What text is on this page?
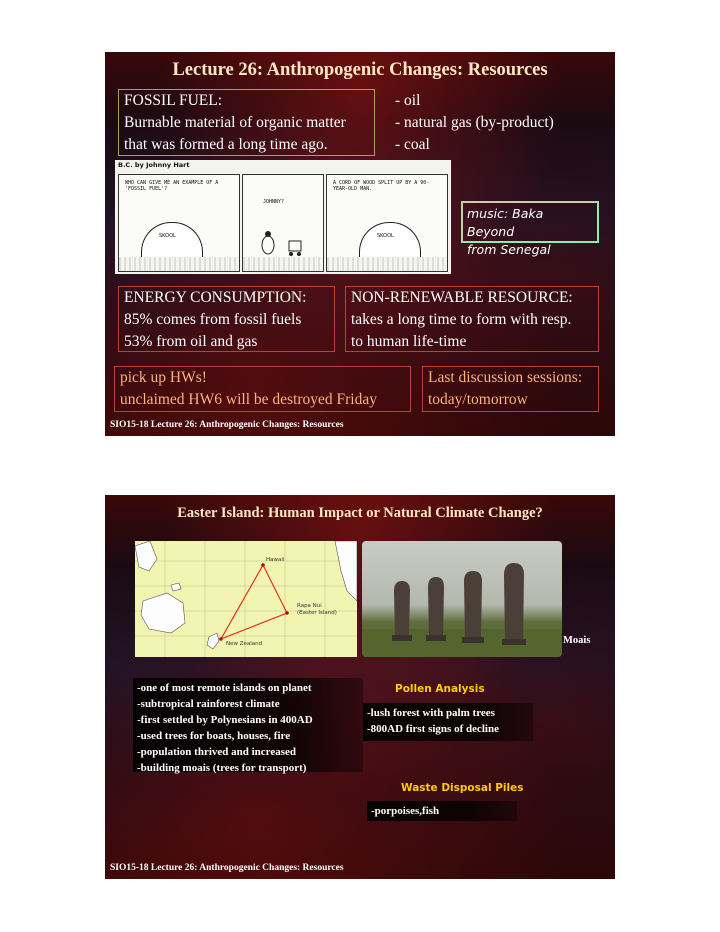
Lecture 26: Anthropogenic Changes: Resources
FOSSIL FUEL:
Burnable material of organic matter
that was formed a long time ago.
- oil
- natural gas (by-product)
- coal
B.C. by Johnny Hart
WHO CAN GIVE ME AN EXAMPLE OF A 'FOSSIL FUEL'?
SKOOL
JOHNNY?
A CORD OF WOOD SPLIT UP BY A 90-YEAR-OLD MAN.
SKOOL
music: Baka Beyond
from Senegal
ENERGY CONSUMPTION:
85% comes from fossil fuels
53% from oil and gas
NON-RENEWABLE RESOURCE:
takes a long time to form with resp.
to human life-time
pick up HWs!
unclaimed HW6 will be destroyed Friday
Last discussion sessions:
today/tomorrow
SIO15-18 Lecture 26: Anthropogenic Changes: Resources
Easter Island: Human Impact or Natural Climate Change?
Hawaii
Rapa Nui
(Easter Island)
New Zealand	Moais
-one of most remote islands on planet
-subtropical rainforest climate
-first settled by Polynesians in 400AD
-used trees for boats, houses, fire
-population thrived and increased
-building moais (trees for transport)
Pollen Analysis
-lush forest with palm trees
-800AD first signs of decline
Waste Disposal Piles
-porpoises,fish
SIO15-18 Lecture 26: Anthropogenic Changes: Resources
